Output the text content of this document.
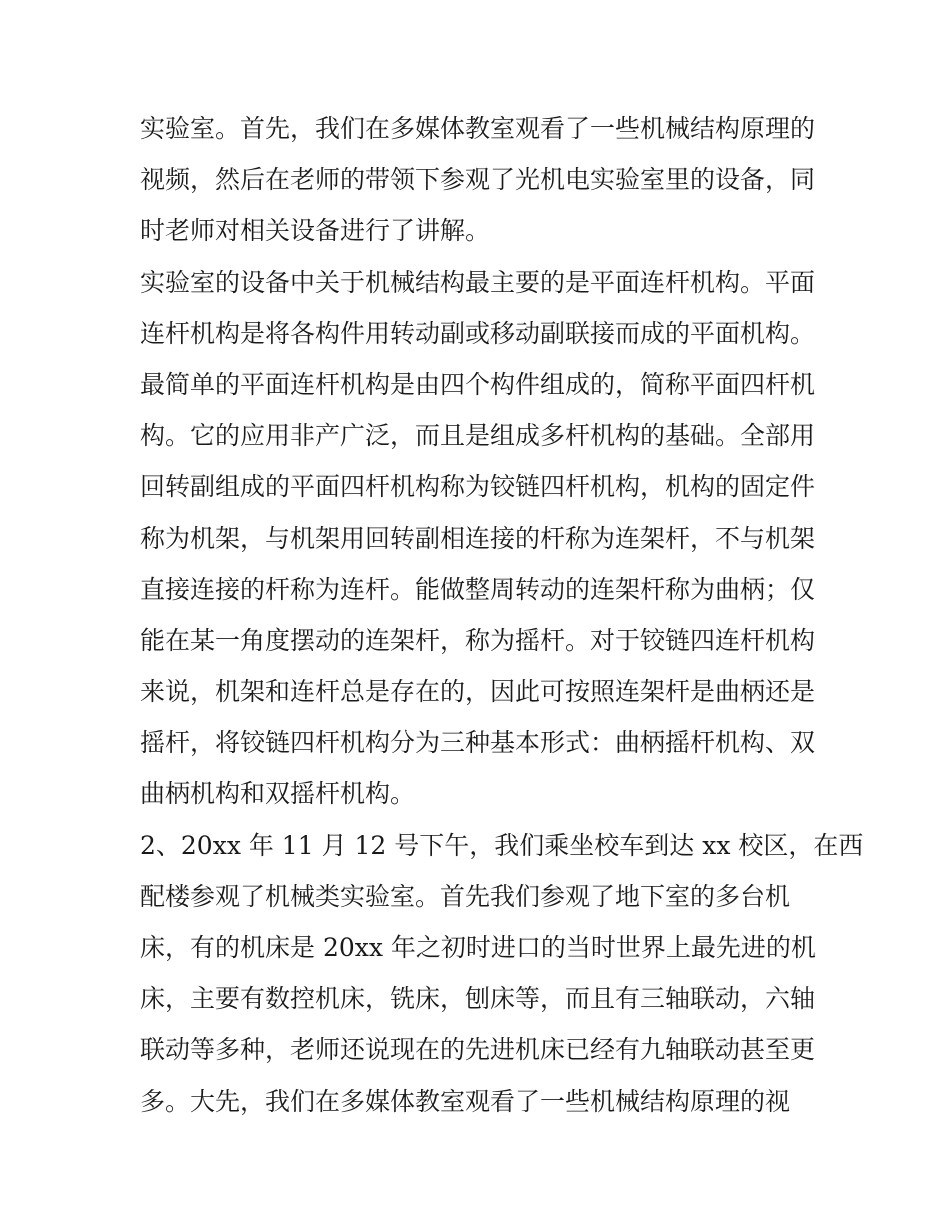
实验室。首先，我们在多媒体教室观看了一些机械结构原理的
视频，然后在老师的带领下参观了光机电实验室里的设备，同
时老师对相关设备进行了讲解。
实验室的设备中关于机械结构最主要的是平面连杆机构。平面
连杆机构是将各构件用转动副或移动副联接而成的平面机构。
最简单的平面连杆机构是由四个构件组成的，简称平面四杆机
构。它的应用非产广泛，而且是组成多杆机构的基础。全部用
回转副组成的平面四杆机构称为铰链四杆机构，机构的固定件
称为机架，与机架用回转副相连接的杆称为连架杆，不与机架
直接连接的杆称为连杆。能做整周转动的连架杆称为曲柄；仅
能在某一角度摆动的连架杆，称为摇杆。对于铰链四连杆机构
来说，机架和连杆总是存在的，因此可按照连架杆是曲柄还是
摇杆，将铰链四杆机构分为三种基本形式：曲柄摇杆机构、双
曲柄机构和双摇杆机构。
2、20xx 年 11 月 12 号下午，我们乘坐校车到达 xx 校区，在西
配楼参观了机械类实验室。首先我们参观了地下室的多台机
床，有的机床是 20xx 年之初时进口的当时世界上最先进的机
床，主要有数控机床，铣床，刨床等，而且有三轴联动，六轴
联动等多种，老师还说现在的先进机床已经有九轴联动甚至更
多。大先，我们在多媒体教室观看了一些机械结构原理的视
